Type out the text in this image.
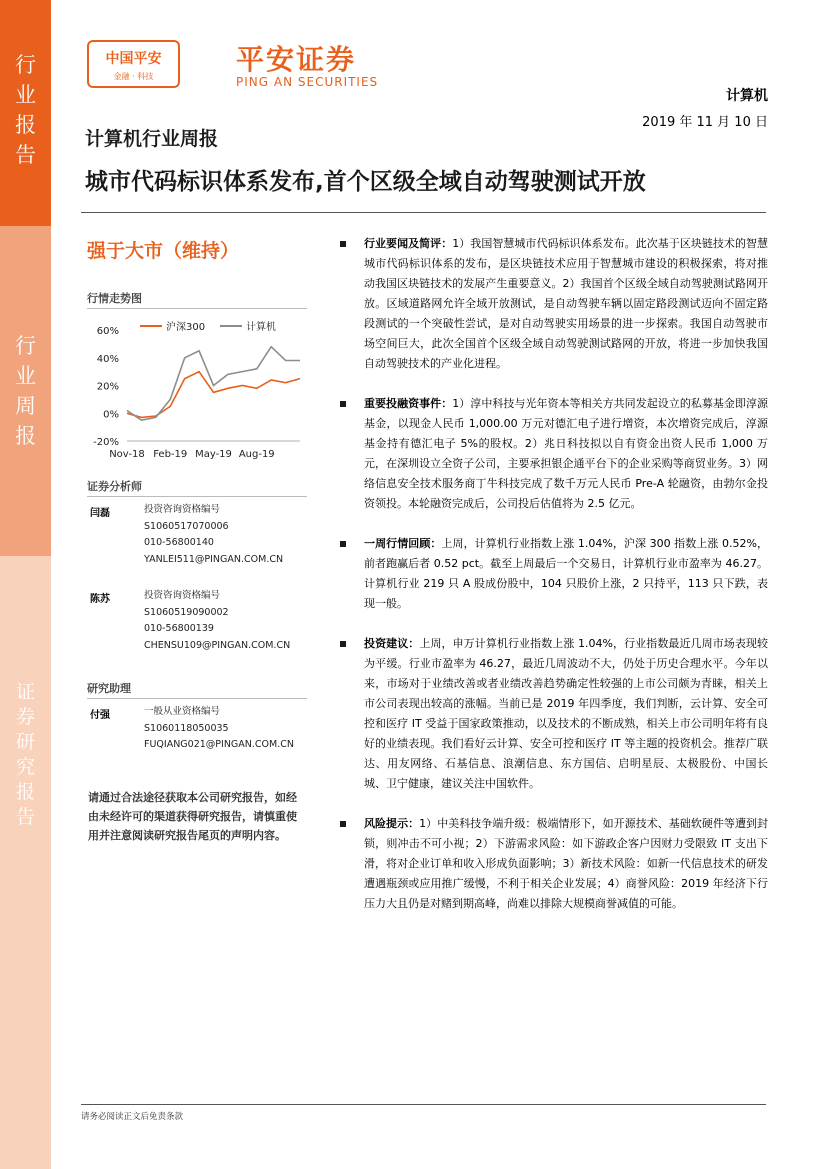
行
业
报
告
行
业
周
报
证
券
研
究
报
告
中国平安
金融 · 科技
平安证券
PING AN SECURITIES
计算机
2019 年 11 月 10 日
计算机行业周报
城市代码标识体系发布,首个区级全域自动驾驶测试开放
强于大市（维持）
行情走势图
-20%
0%
20%
40%
60%
Nov-18 Feb-19 May-19 Aug-19
沪深300	计算机
证券分析师
闫磊	投资咨询资格编号
S1060517070006
010-56800140
YANLEI511@PINGAN.COM.CN
陈苏	投资咨询资格编号
S1060519090002
010-56800139
CHENSU109@PINGAN.COM.CN
研究助理
付强	一般从业资格编号
S1060118050035
FUQIANG021@PINGAN.COM.CN
请通过合法途径获取本公司研究报告，如经由未经许可的渠道获得研究报告，请慎重使用并注意阅读研究报告尾页的声明内容。
行业要闻及简评：1）我国智慧城市代码标识体系发布。此次基于区块链技术的智慧城市代码标识体系的发布，是区块链技术应用于智慧城市建设的积极探索，将对推动我国区块链技术的发展产生重要意义。2）我国首个区级全域自动驾驶测试路网开放。区域道路网允许全域开放测试，是自动驾驶车辆以固定路段测试迈向不固定路段测试的一个突破性尝试，是对自动驾驶实用场景的进一步探索。我国自动驾驶市场空间巨大，此次全国首个区级全域自动驾驶测试路网的开放，将进一步加快我国自动驾驶技术的产业化进程。
重要投融资事件：1）淳中科技与光年资本等相关方共同发起设立的私募基金即淳源基金，以现金人民币 1,000.00 万元对德汇电子进行增资，本次增资完成后，淳源基金持有德汇电子 5%的股权。2）兆日科技拟以自有资金出资人民币 1,000 万元，在深圳设立全资子公司，主要承担银企通平台下的企业采购等商贸业务。3）网络信息安全技术服务商丁牛科技完成了数千万元人民币 Pre-A 轮融资，由勃尔金投资领投。本轮融资完成后，公司投后估值将为 2.5 亿元。
一周行情回顾：上周，计算机行业指数上涨 1.04%，沪深 300 指数上涨 0.52%，前者跑赢后者 0.52 pct。截至上周最后一个交易日，计算机行业市盈率为 46.27。计算机行业 219 只 A 股成份股中，104 只股价上涨，2 只持平，113 只下跌，表现一般。
投资建议：上周，申万计算机行业指数上涨 1.04%，行业指数最近几周市场表现较为平缓。行业市盈率为 46.27，最近几周波动不大，仍处于历史合理水平。今年以来，市场对于业绩改善或者业绩改善趋势确定性较强的上市公司颇为青睐，相关上市公司表现出较高的涨幅。当前已是 2019 年四季度，我们判断，云计算、安全可控和医疗 IT 受益于国家政策推动，以及技术的不断成熟，相关上市公司明年将有良好的业绩表现。我们看好云计算、安全可控和医疗 IT 等主题的投资机会。推荐广联达、用友网络、石基信息、浪潮信息、东方国信、启明星辰、太极股份、中国长城、卫宁健康，建议关注中国软件。
风险提示：1）中美科技争端升级：极端情形下，如开源技术、基础软硬件等遭到封锁，则冲击不可小视；2）下游需求风险：如下游政企客户因财力受限致 IT 支出下滑，将对企业订单和收入形成负面影响；3）新技术风险：如新一代信息技术的研发遭遇瓶颈或应用推广缓慢，不利于相关企业发展；4）商誉风险：2019 年经济下行压力大且仍是对赌到期高峰，尚难以排除大规模商誉减值的可能。
请务必阅读正文后免责条款
